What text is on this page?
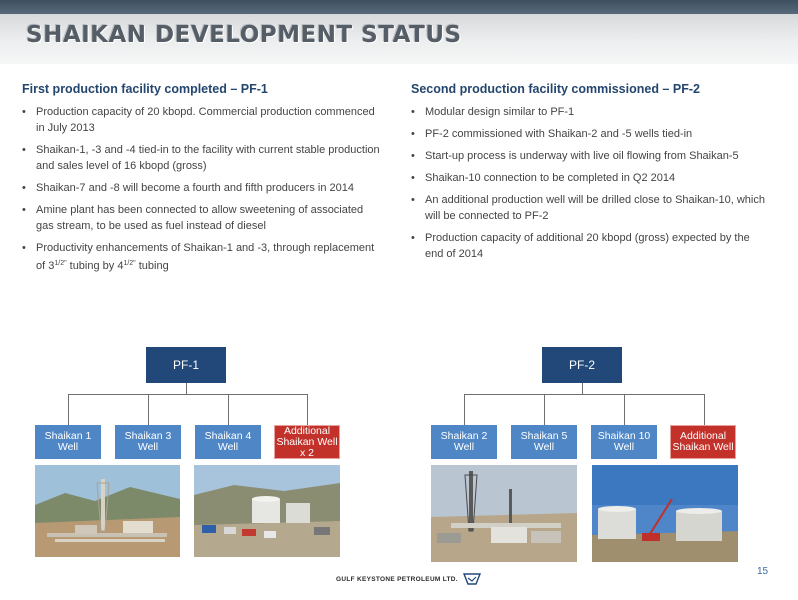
SHAIKAN DEVELOPMENT STATUS
First production facility completed – PF-1
• Production capacity of 20 kbopd. Commercial production commenced in July 2013
• Shaikan-1, -3 and -4 tied-in to the facility with current stable production and sales level of 16 kbopd (gross)
• Shaikan-7 and -8 will become a fourth and fifth producers in 2014
• Amine plant has been connected to allow sweetening of associated gas stream, to be used as fuel instead of diesel
• Productivity enhancements of Shaikan-1 and -3, through replacement of $3^{1/2"}$ tubing by $4^{1/2"}$ tubing
Second production facility commissioned – PF-2
• Modular design similar to PF-1
• PF-2 commissioned with Shaikan-2 and -5 wells tied-in
• Start-up process is underway with live oil flowing from Shaikan-5
• Shaikan-10 connection to be completed in Q2 2014
• An additional production well will be drilled close to Shaikan-10, which will be connected to PF-2
• Production capacity of additional 20 kbopd (gross) expected by the end of 2014
PF-1
Shaikan 1 Well
Shaikan 3 Well
Shaikan 4 Well
Additional Shaikan Well x 2
PF-2
Shaikan 2 Well
Shaikan 5 Well
Shaikan 10 Well
Additional Shaikan Well
GULF KEYSTONE PETROLEUM LTD.
15
